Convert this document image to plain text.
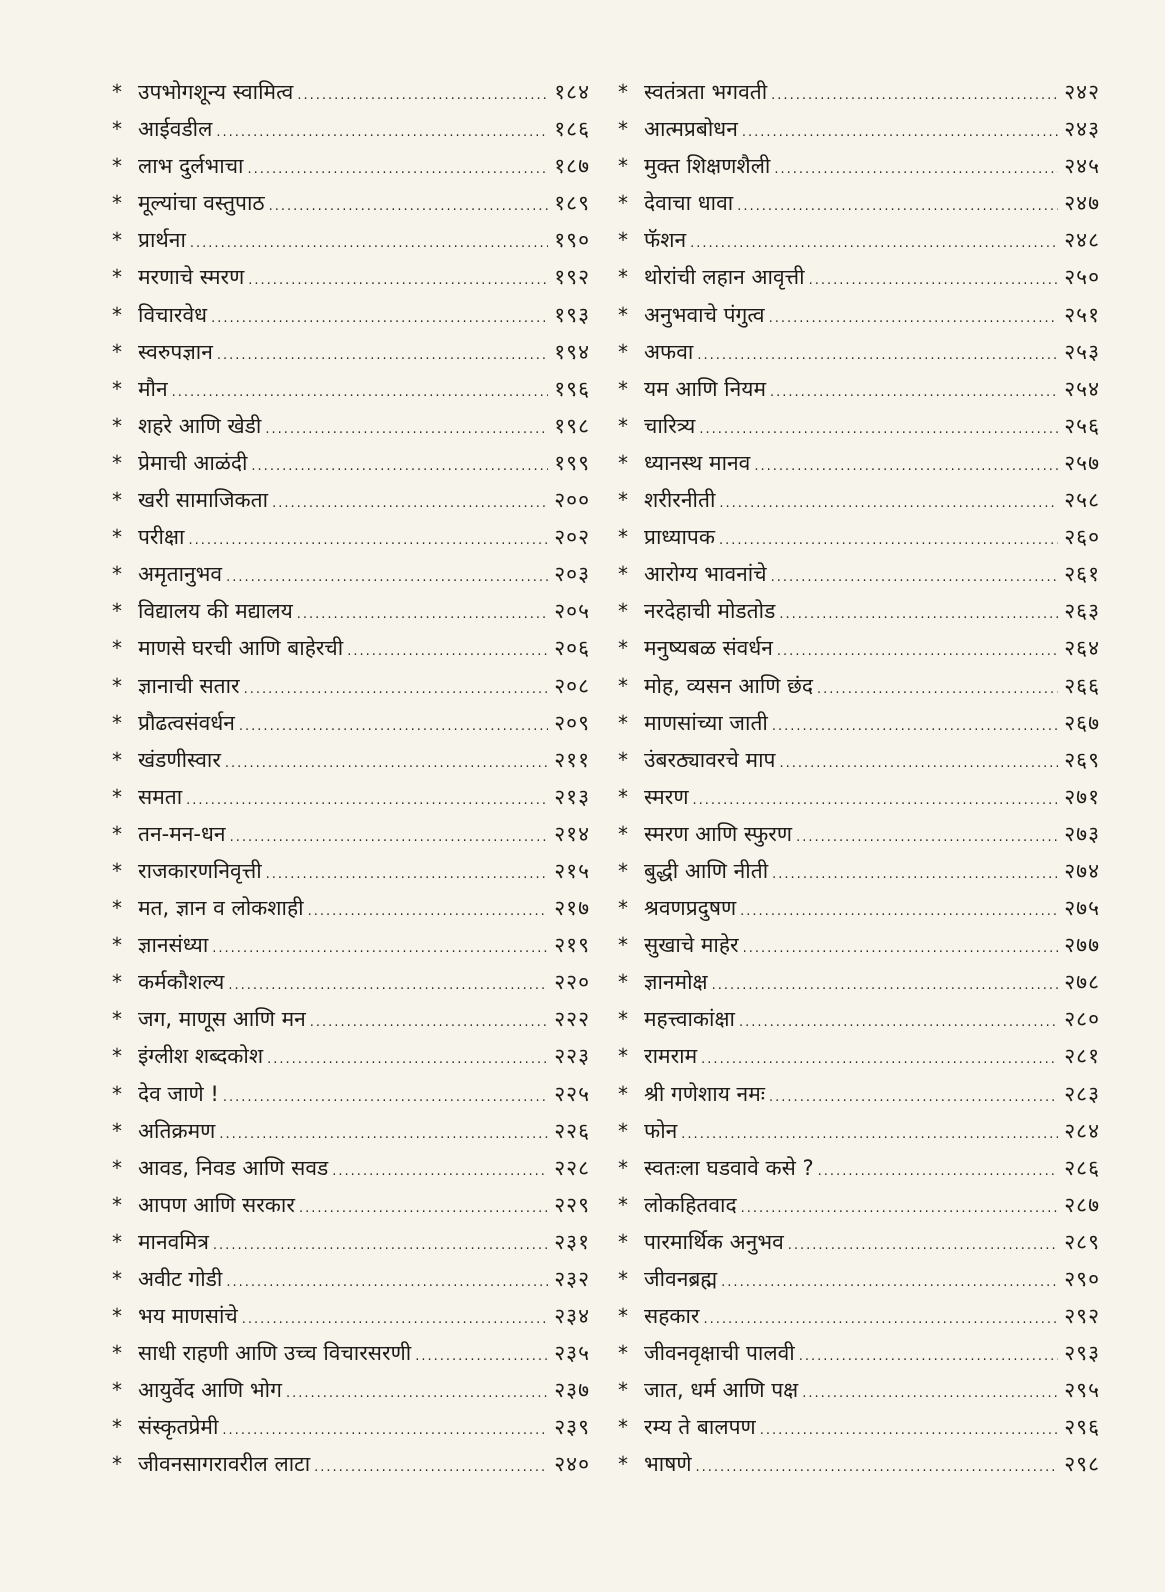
* उपभोगशून्य स्वामित्व .....	१८४
* आईवडील .....	१८६
* लाभ दुर्लभाचा .....	१८७
* मूल्यांचा वस्तुपाठ .....	१८९
* प्रार्थना .....	१९०
* मरणाचे स्मरण .....	१९२
* विचारवेध .....	१९३
* स्वरुपज्ञान .....	१९४
* मौन .....	१९६
* शहरे आणि खेडी .....	१९८
* प्रेमाची आळंदी .....	१९९
* खरी सामाजिकता .....	२००
* परीक्षा .....	२०२
* अमृतानुभव .....	२०३
* विद्यालय की मद्यालय .....	२०५
* माणसे घरची आणि बाहेरची .....	२०६
* ज्ञानाची सतार .....	२०८
* प्रौढत्वसंवर्धन .....	२०९
* खंडणीस्वार .....	२११
* समता .....	२१३
* तन-मन-धन .....	२१४
* राजकारणनिवृत्ती .....	२१५
* मत, ज्ञान व लोकशाही .....	२१७
* ज्ञानसंध्या .....	२१९
* कर्मकौशल्य .....	२२०
* जग, माणूस आणि मन .....	२२२
* इंग्लीश शब्दकोश .....	२२३
* देव जाणे ! .....	२२५
* अतिक्रमण .....	२२६
* आवड, निवड आणि सवड .....	२२८
* आपण आणि सरकार .....	२२९
* मानवमित्र .....	२३१
* अवीट गोडी .....	२३२
* भय माणसांचे .....	२३४
* साधी राहणी आणि उच्च विचारसरणी .....	२३५
* आयुर्वेद आणि भोग .....	२३७
* संस्कृतप्रेमी .....	२३९
* जीवनसागरावरील लाटा .....	२४०
* स्वतंत्रता भगवती .....	२४२
* आत्मप्रबोधन .....	२४३
* मुक्त शिक्षणशैली .....	२४५
* देवाचा धावा .....	२४७
* फॅशन .....	२४८
* थोरांची लहान आवृत्ती .....	२५०
* अनुभवाचे पंगुत्व .....	२५१
* अफवा .....	२५३
* यम आणि नियम .....	२५४
* चारित्र्य .....	२५६
* ध्यानस्थ मानव .....	२५७
* शरीरनीती .....	२५८
* प्राध्यापक .....	२६०
* आरोग्य भावनांचे .....	२६१
* नरदेहाची मोडतोड .....	२६३
* मनुष्यबळ संवर्धन .....	२६४
* मोह, व्यसन आणि छंद .....	२६६
* माणसांच्या जाती .....	२६७
* उंबरठ्यावरचे माप .....	२६९
* स्मरण .....	२७१
* स्मरण आणि स्फुरण .....	२७३
* बुद्धी आणि नीती .....	२७४
* श्रवणप्रदुषण .....	२७५
* सुखाचे माहेर .....	२७७
* ज्ञानमोक्ष .....	२७८
* महत्त्वाकांक्षा .....	२८०
* रामराम .....	२८१
* श्री गणेशाय नमः .....	२८३
* फोन .....	२८४
* स्वतःला घडवावे कसे ? .....	२८६
* लोकहितवाद .....	२८७
* पारमार्थिक अनुभव .....	२८९
* जीवनब्रह्म .....	२९०
* सहकार .....	२९२
* जीवनवृक्षाची पालवी .....	२९३
* जात, धर्म आणि पक्ष .....	२९५
* रम्य ते बालपण .....	२९६
* भाषणे .....	२९८
